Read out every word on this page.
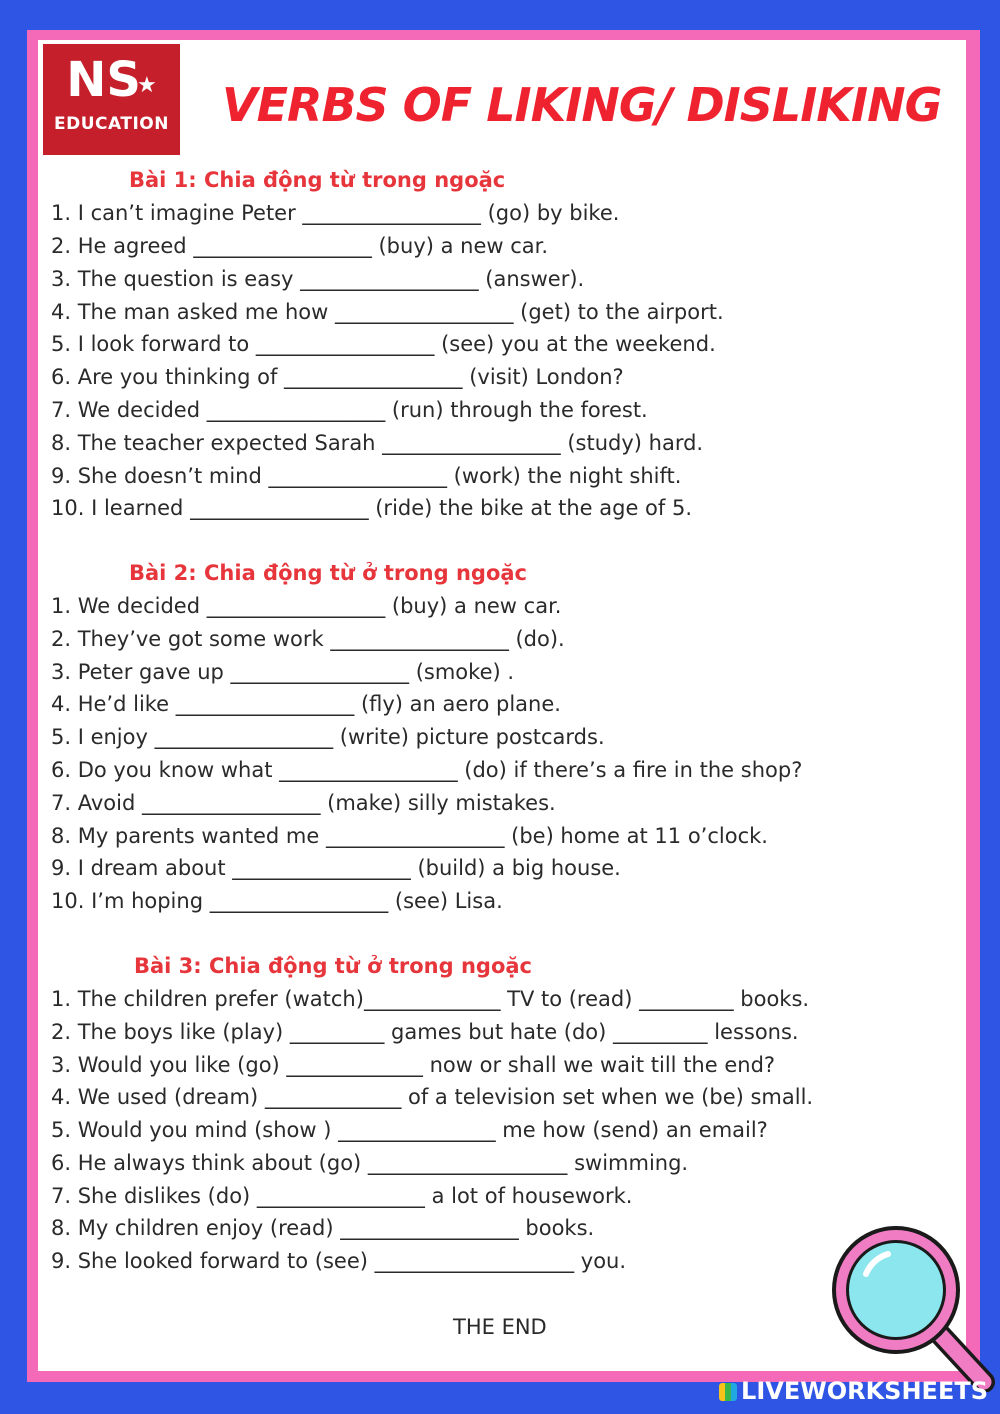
NS★
EDUCATION VERBS OF LIKING/ DISLIKING
Bài 1: Chia động từ trong ngoặc
1. I can’t imagine Peter _________________ (go) by bike.
2. He agreed _________________ (buy) a new car.
3. The question is easy _________________ (answer).
4. The man asked me how _________________ (get) to the airport.
5. I look forward to _________________ (see) you at the weekend.
6. Are you thinking of _________________ (visit) London?
7. We decided _________________ (run) through the forest.
8. The teacher expected Sarah _________________ (study) hard.
9. She doesn’t mind _________________ (work) the night shift.
10. I learned _________________ (ride) the bike at the age of 5.
Bài 2: Chia động từ ở trong ngoặc
1. We decided _________________ (buy) a new car.
2. They’ve got some work _________________ (do).
3. Peter gave up _________________ (smoke) .
4. He’d like _________________ (fly) an aero plane.
5. I enjoy _________________ (write) picture postcards.
6. Do you know what _________________ (do) if there’s a fire in the shop?
7. Avoid _________________ (make) silly mistakes.
8. My parents wanted me _________________ (be) home at 11 o’clock.
9. I dream about _________________ (build) a big house.
10. I’m hoping _________________ (see) Lisa.
Bài 3: Chia động từ ở trong ngoặc
1. The children prefer (watch)_____________ TV to (read) _________ books.
2. The boys like (play) _________ games but hate (do) _________ lessons.
3. Would you like (go) _____________ now or shall we wait till the end?
4. We used (dream) _____________ of a television set when we (be) small.
5. Would you mind (show ) _______________ me how (send) an email?
6. He always think about (go) ___________________ swimming.
7. She dislikes (do) ________________ a lot of housework.
8. My children enjoy (read) _________________ books.
9. She looked forward to (see) ___________________ you.
THE END
LIVEWORKSHEETS
